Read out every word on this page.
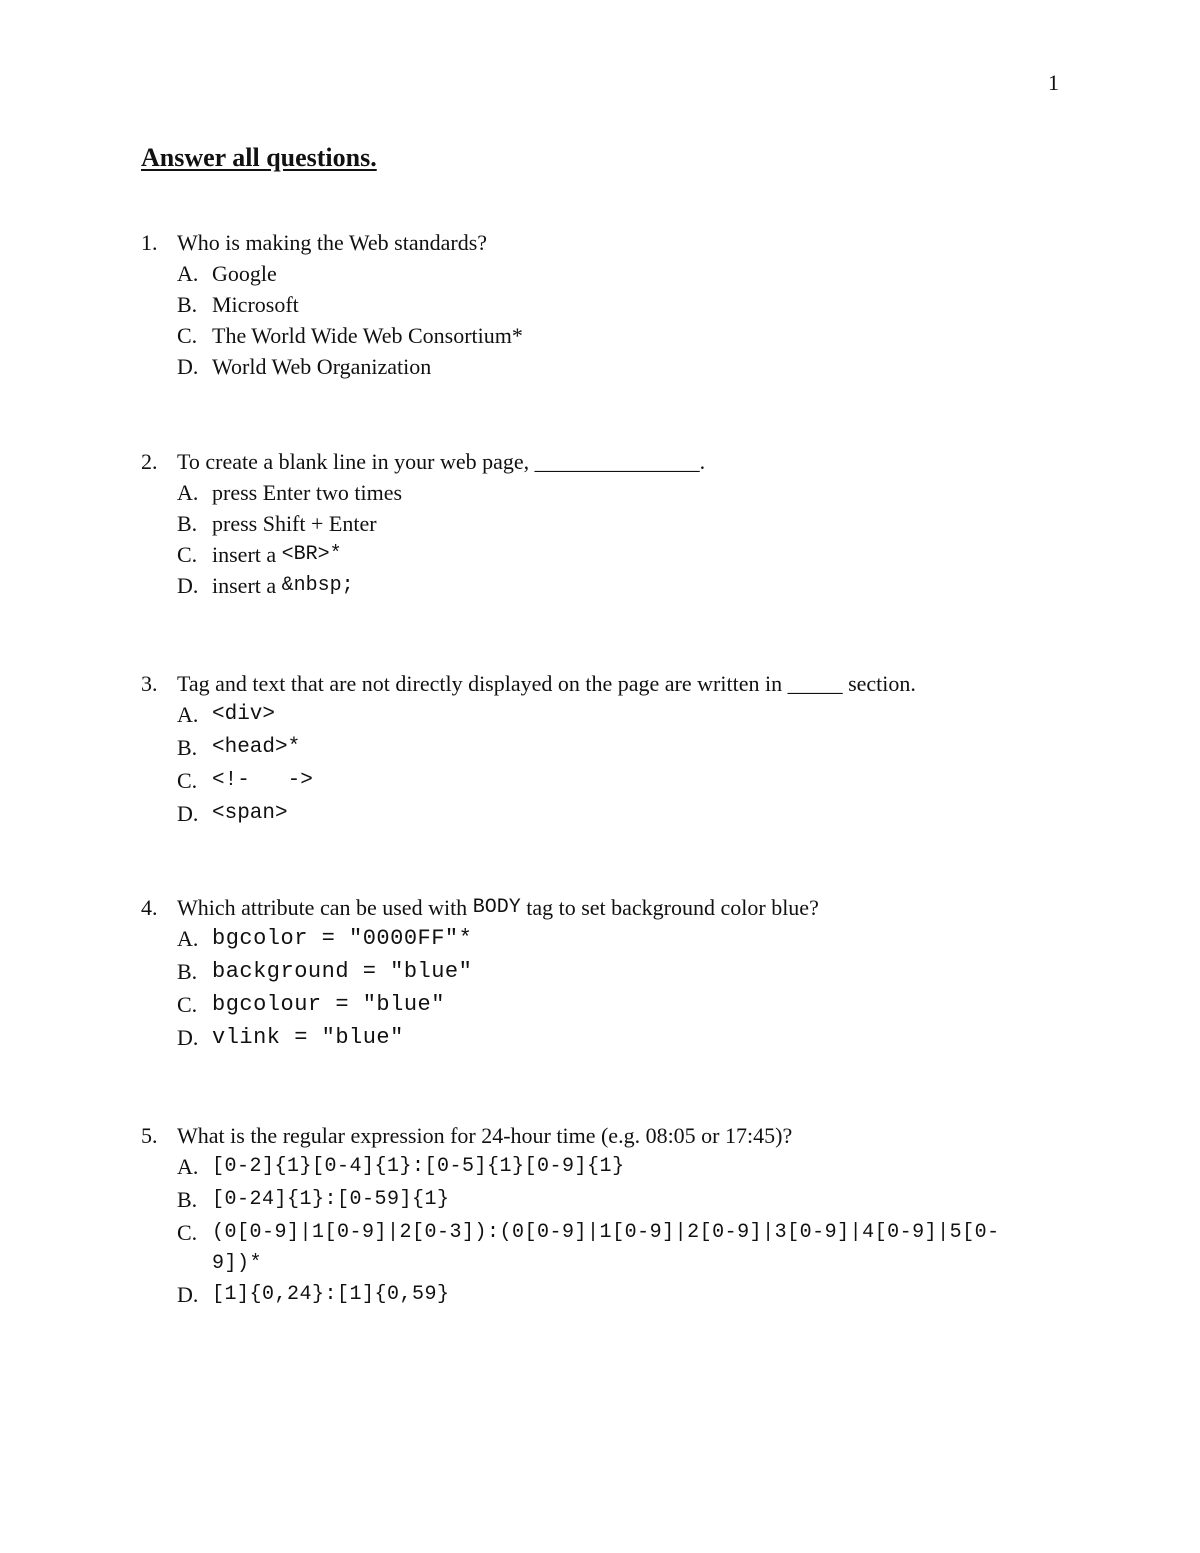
1
Answer all questions.
1. Who is making the Web standards?
A. Google
B. Microsoft
C. The World Wide Web Consortium*
D. World Web Organization
2. To create a blank line in your web page, _______________.
A. press Enter two times
B. press Shift + Enter
C. insert a <BR>*
D. insert a &nbsp;
3. Tag and text that are not directly displayed on the page are written in _____ section.
A. <div>
B. <head>*
C. <!-   ->
D. <span>
4. Which attribute can be used with BODY tag to set background color blue?
A. bgcolor = "0000FF"*
B. background = "blue"
C. bgcolour = "blue"
D. vlink = "blue"
5. What is the regular expression for 24-hour time (e.g. 08:05 or 17:45)?
A. [0-2]{1}[0-4]{1}:[0-5]{1}[0-9]{1}
B. [0-24]{1}:[0-59]{1}
C. (0[0-9]|1[0-9]|2[0-3]):(0[0-9]|1[0-9]|2[0-9]|3[0-9]|4[0-9]|5[0-9])*
D. [1]{0,24}:[1]{0,59}
